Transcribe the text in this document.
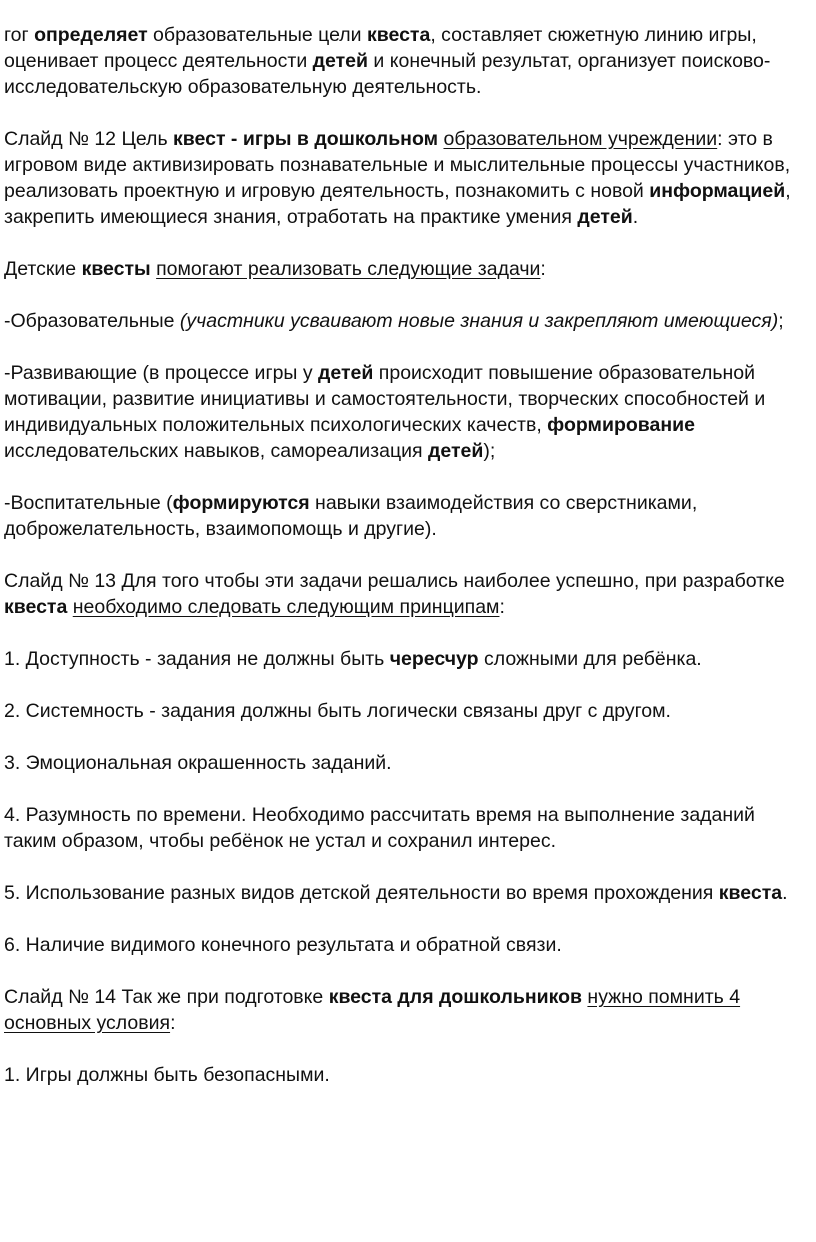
гог определяет образовательные цели квеста, составляет сюжетную линию игры, оценивает процесс деятельности детей и конечный результат, организует поисково-исследовательскую образовательную деятельность.

Слайд № 12 Цель квест - игры в дошкольном образовательном учреждении: это в игровом виде активизировать познавательные и мыслительные процессы участников, реализовать проектную и игровую деятельность, познакомить с новой информацией, закрепить имеющиеся знания, отработать на практике умения детей.

Детские квесты помогают реализовать следующие задачи:

-Образовательные (участники усваивают новые знания и закрепляют имеющиеся);

-Развивающие (в процессе игры у детей происходит повышение образовательной мотивации, развитие инициативы и самостоятельности, творческих способностей и индивидуальных положительных психологических качеств, формирование исследовательских навыков, самореализация детей);

-Воспитательные (формируются навыки взаимодействия со сверстниками, доброжелательность, взаимопомощь и другие).

Слайд № 13 Для того чтобы эти задачи решались наиболее успешно, при разработке квеста необходимо следовать следующим принципам:

1. Доступность - задания не должны быть чересчур сложными для ребёнка.

2. Системность - задания должны быть логически связаны друг с другом.

3. Эмоциональная окрашенность заданий.

4. Разумность по времени. Необходимо рассчитать время на выполнение заданий таким образом, чтобы ребёнок не устал и сохранил интерес.

5. Использование разных видов детской деятельности во время прохождения квеста.

6. Наличие видимого конечного результата и обратной связи.

Слайд № 14 Так же при подготовке квеста для дошкольников нужно помнить 4 основных условия:

1. Игры должны быть безопасными.
